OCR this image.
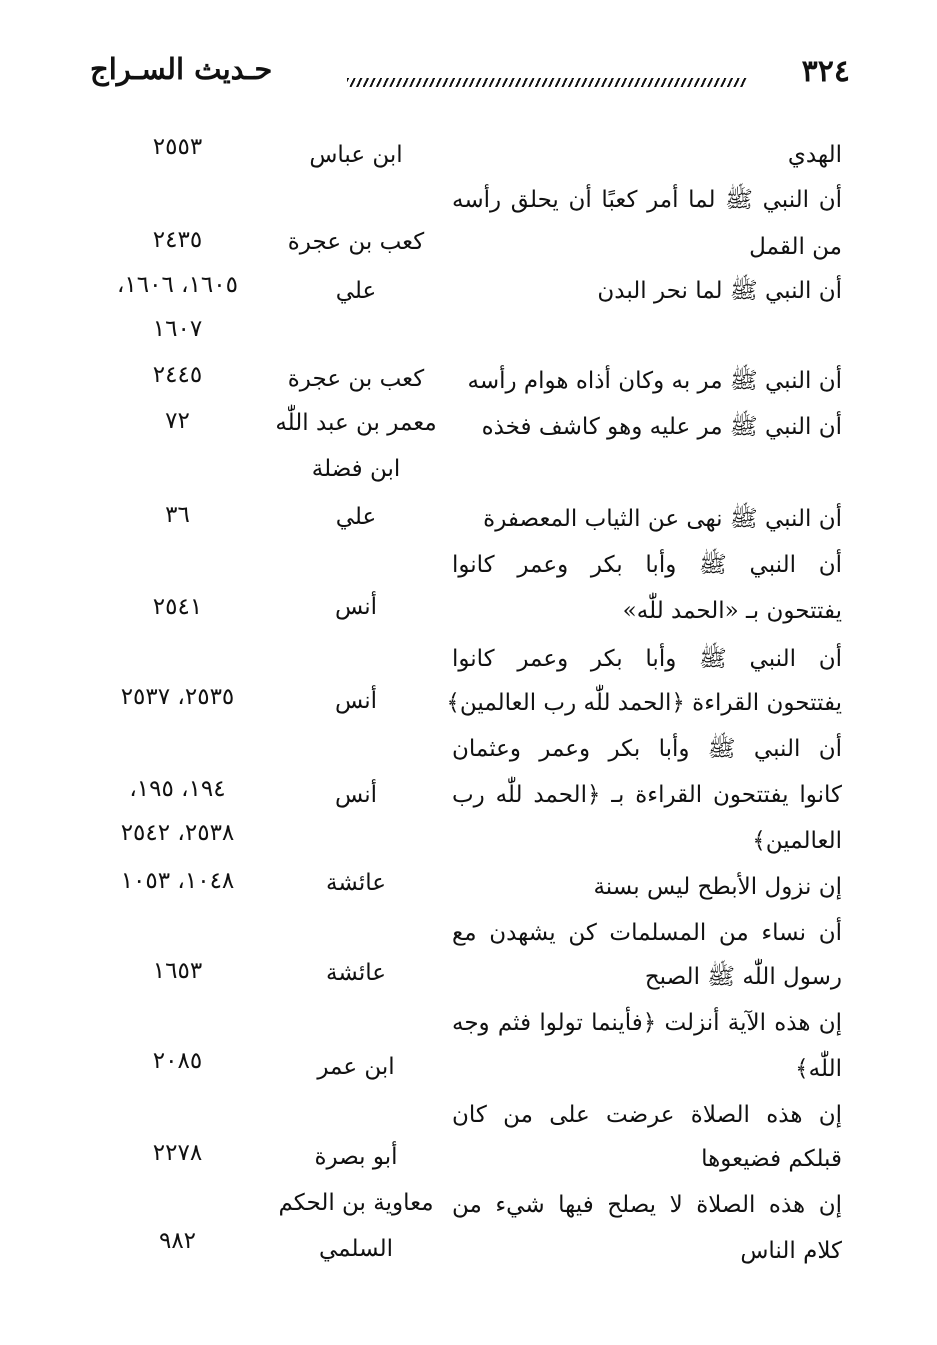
حـديث السـراج	٣٢٤
الهدي
ابن عباس
٢٥٥٣
أن النبي ﷺ لما أمر كعبًا أن يحلق رأسه
من القمل
كعب بن عجرة
٢٤٣٥
أن النبي ﷺ لما نحر البدن
علي
١٦٠٥، ١٦٠٦،
١٦٠٧
أن النبي ﷺ مر به وكان أذاه هوام رأسه
كعب بن عجرة
٢٤٤٥
أن النبي ﷺ مر عليه وهو كاشف فخذه
معمر بن عبد اللّٰه
ابن فضلة
٧٢
أن النبي ﷺ نهى عن الثياب المعصفرة
علي
٣٦
أن النبي ﷺ وأبا بكر وعمر كانوا
يفتتحون بـ «الحمد للّٰه»
أنس
٢٥٤١
أن النبي ﷺ وأبا بكر وعمر كانوا
يفتتحون القراءة ﴿الحمد للّٰه رب العالمين﴾
أنس
٢٥٣٥، ٢٥٣٧
أن النبي ﷺ وأبا بكر وعمر وعثمان
كانوا يفتتحون القراءة بـ ﴿الحمد للّٰه رب
العالمين﴾
أنس
١٩٤، ١٩٥،
٢٥٣٨، ٢٥٤٢
إن نزول الأبطح ليس بسنة
عائشة
١٠٤٨، ١٠٥٣
أن نساء من المسلمات كن يشهدن مع
رسول اللّٰه ﷺ الصبح
عائشة
١٦٥٣
إن هذه الآية أنزلت ﴿فأينما تولوا فثم وجه
اللّٰه﴾
ابن عمر
٢٠٨٥
إن هذه الصلاة عرضت على من كان
قبلكم فضيعوها
أبو بصرة
٢٢٧٨
إن هذه الصلاة لا يصلح فيها شيء من
كلام الناس
معاوية بن الحكم
السلمي
٩٨٢
